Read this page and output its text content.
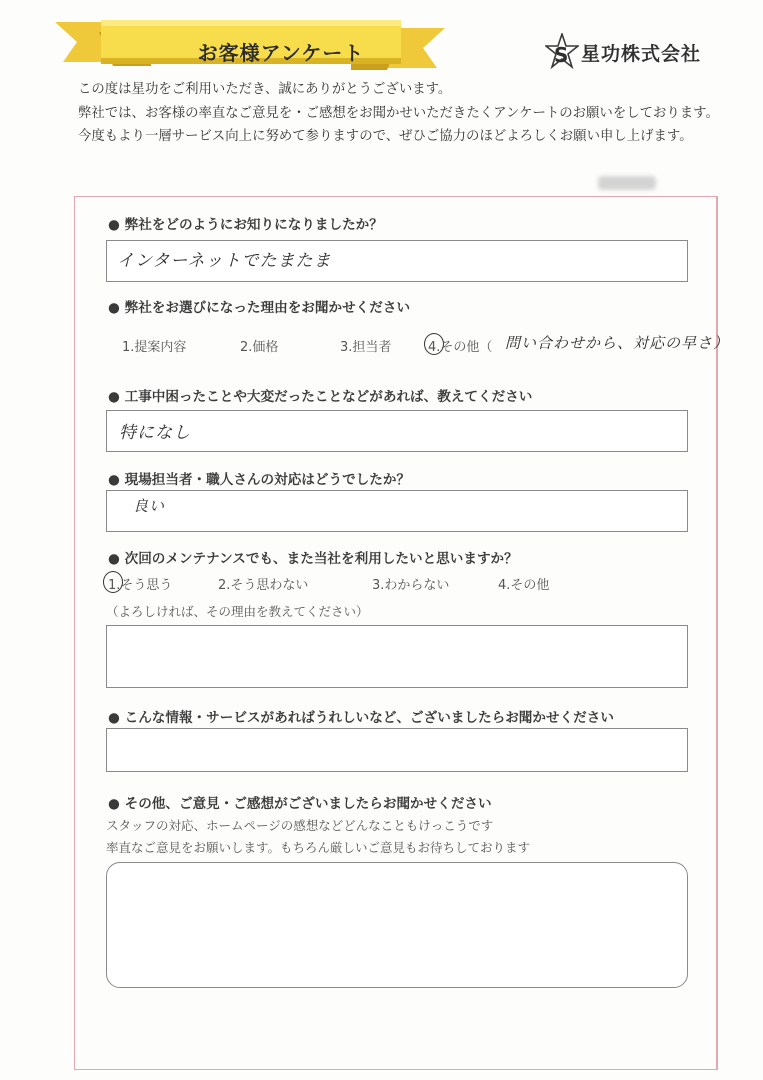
お客様アンケート	S 星功株式会社

この度は星功をご利用いただき、誠にありがとうございます。

弊社では、お客様の率直なご意見を・ご感想をお聞かせいただきたくアンケートのお願いをしております。今度もより一層サービス向上に努めて参りますので、ぜひご協力のほどよろしくお願い申し上げます。

● 弊社をどのようにお知りになりましたか？
インターネットでたまたま
● 弊社をお選びになった理由をお聞かせください
1.提案内容	2.価格	3.担当者	4.その他（ 問い合わせから、対応の早さ）
● 工事中困ったことや大変だったことなどがあれば、教えてください
特になし
● 現場担当者・職人さんの対応はどうでしたか？
良い
● 次回のメンテナンスでも、また当社を利用したいと思いますか？
1.そう思う	2.そう思わない	3.わからない	4.その他
（よろしければ、その理由を教えてください）
● こんな情報・サービスがあればうれしいなど、ございましたらお聞かせください
● その他、ご意見・ご感想がございましたらお聞かせください
スタッフの対応、ホームページの感想などどんなこともけっこうです
率直なご意見をお願いします。もちろん厳しいご意見もお待ちしております
